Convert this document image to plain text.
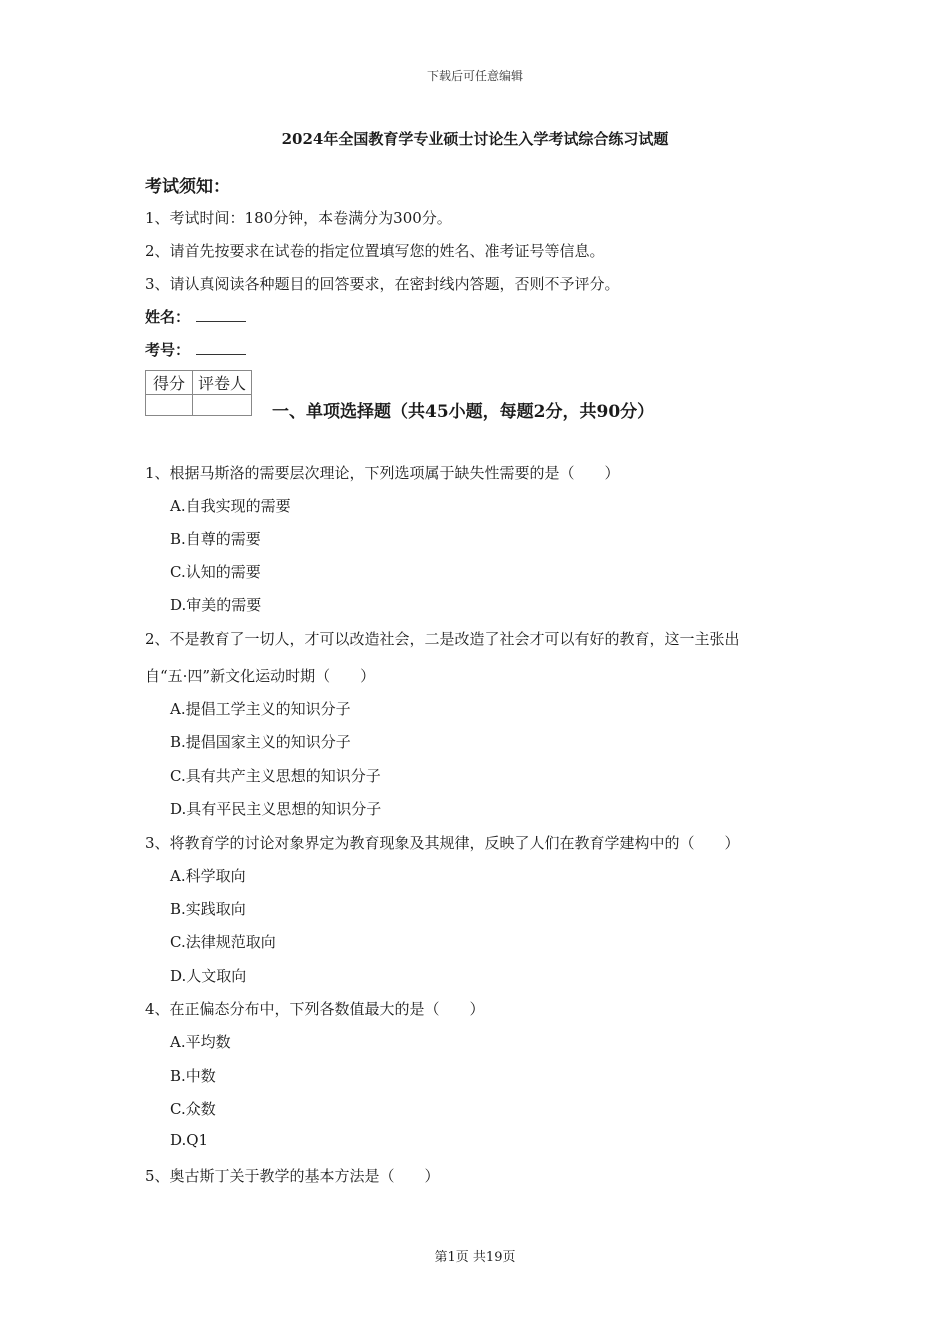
下载后可任意编辑
2024年全国教育学专业硕士讨论生入学考试综合练习试题
考试须知：
1、考试时间：180分钟，本卷满分为300分。
2、请首先按要求在试卷的指定位置填写您的姓名、准考证号等信息。
3、请认真阅读各种题目的回答要求，在密封线内答题，否则不予评分。
姓名：
考号：
得分	评卷人

一、单项选择题（共45小题，每题2分，共90分）
1、根据马斯洛的需要层次理论，下列选项属于缺失性需要的是（　　）
A.自我实现的需要
B.自尊的需要
C.认知的需要
D.审美的需要
2、不是教育了一切人，才可以改造社会，二是改造了社会才可以有好的教育，这一主张出
自“五·四”新文化运动时期（　　）
A.提倡工学主义的知识分子
B.提倡国家主义的知识分子
C.具有共产主义思想的知识分子
D.具有平民主义思想的知识分子
3、将教育学的讨论对象界定为教育现象及其规律，反映了人们在教育学建构中的（　　）
A.科学取向
B.实践取向
C.法律规范取向
D.人文取向
4、在正偏态分布中，下列各数值最大的是（　　）
A.平均数
B.中数
C.众数
D.Q1
5、奥古斯丁关于教学的基本方法是（　　）
第1页 共19页
